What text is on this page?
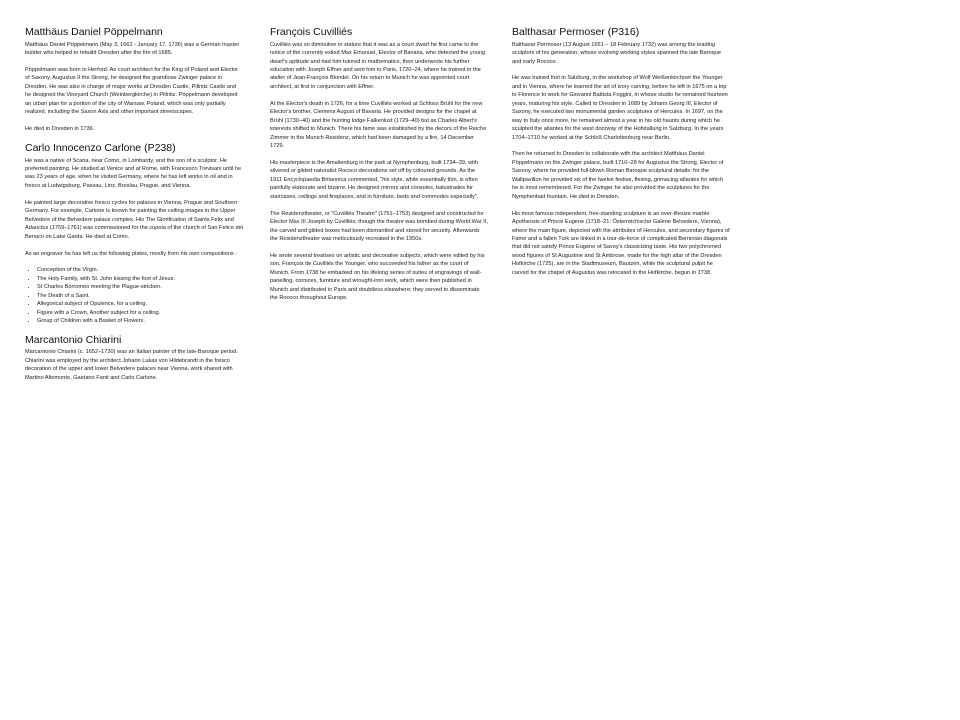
Matthäus Daniel Pöppelmann

Matthäus Daniel Pöppelmann (May 3, 1662 - January 17, 1736) was a German master builder who helped to rebuild Dresden after the fire of 1685.

Pöppelmann was born in Herford. As court architect for the King of Poland and Elector of Saxony, Augustus II the Strong, he designed the grandiose Zwinger palace in Dresden. He was also in charge of major works at Dresden Castle, Pillnitz Castle and he designed the Vineyard Church (Weinbergkirche) in Pillnitz. Pöppelmann developed an urban plan for a portion of the city of Warsaw, Poland, which was only partially realized, including the Saxon Axis and other important streetscapes.

He died in Dresden in 1736.

Carlo Innocenzo Carlone (P238)

He was a native of Scaria, near Como, in Lombardy, and the son of a sculptor. He preferred painting. He studied at Venice and at Rome, with Francesco Trevisani until he was 23 years of age, when he visited Germany, where he has left works in oil and in fresco at Ludwigsburg, Passau, Linz, Breslau, Prague, and Vienna.

He painted large decorative fresco cycles for palaces in Vienna, Prague and Southern Germany. For example, Carlone is known for painting the ceiling images in the Upper Belvedere of the Belvedere palace complex. His The Glorification of Saints Felix and Adauctus (1759–1761) was commissioned for the cupola of the church of San Felice del Benaco on Lake Garda. He died at Como.

As an engraver he has left us the following plates, mostly from his own compositions :

• Conception of the Virgin.
• The Holy Family, with St. John kissing the foot of Jesus.
• St Charles Borromeo meeting the Plague-stricken.
• The Death of a Saint.
• Allegorical subject of Opulence, for a ceiling.
• Figure with a Crown, Another subject for a ceiling.
• Group of Children with a Basket of Flowers.
Marcantonio Chiarini

Marcantonio Chiarini (c. 1652–1730) was an Italian painter of the late-Baroque period. Chiarini was employed by the architect Johann Lukas von Hildebrandt in the fresco decoration of the upper and lower Belvedere palaces near Vienna, work shared with Martino Altomonte, Gaetano Fanti and Carlo Carlone.

François Cuvilliés

Cuvilliés was so diminutive in stature that it was as a court dwarf he first came to the notice of the currently exiled Max Emanuel, Elector of Bavaria, who detected the young dwarf's aptitude and had him tutored in mathematics, then underwrote his further education with Joseph Effner and sent him to Paris, 1720–24, where he trained in the atelier of Jean-François Blondel. On his return to Munich he was appointed court architect, at first in conjunction with Effner.

At the Elector's death in 1726, for a time Cuvilliés worked at Schloss Brühl for the new Elector's brother, Clemens August of Bavaria. He provided designs for the chapel at Brühl (1730–40) and the hunting lodge Falkenlust (1729–40) but as Charles Albert's interests shifted to Munich. There his fame was established by the decors of the Reiche Zimmer in the Munich Residenz, which had been damaged by a fire, 14 December 1729.

His masterpiece is the Amalienburg in the park at Nymphenburg, built 1734–39, with silvered or gilded naturalist Rococo decorations set off by coloured grounds. As the 1911 Encyclopaedia Britannica commented, "his style, while essentially thin, is often painfully elaborate and bizarre. He designed mirrors and consoles, balustrades for staircases, ceilings and fireplaces, and in furniture, beds and commodes especially".

The Residenztheater, or "Cuvilliés Theatre" (1751–1753) designed and constructed for Elector Max III Joseph by Cuvilliés; though the theatre was bombed during World War II, the carved and gilded boxes had been dismantled and stored for security. Afterwards the Residenztheater was meticulously recreated in the 1950s.

He wrote several treatises on artistic and decorative subjects, which were edited by his son, François de Cuvilliés the Younger, who succeeded his father as the court of Munich. From 1738 he embarked on his lifelong series of suites of engravings of wall-panelling, cornices, furniture and wrought-iron work, which were then published in Munich and distributed in Paris and doubtless elsewhere; they served to disseminate the Rococo throughout Europe.

Balthasar Permoser (P316)

Balthasar Permoser (13 August 1651 – 18 February 1732) was among the leading sculptors of his generation, whose evolving working styles spanned the late Baroque and early Rococo.

He was trained first in Salzburg, in the workshop of Wolf Weißenkirchner the Younger and in Vienna, where he learned the art of ivory carving, before he left in 1675 on a trip to Florence to work for Giovanni Battista Foggini, in whose studio he remained fourteen years, maturing his style. Called to Dresden in 1689 by Johann Georg III, Elector of Saxony, he executed two monumental garden sculptures of Hercules. In 1697, on the way to Italy once more, he remained almost a year in his old haunts during which he sculpted the atlantes for the west doorway of the Hofstallung in Salzburg. In the years 1704–1710 he worked at the Schloß Charlottenburg near Berlin.

Then he returned to Dresden to collaborate with the architect Matthäus Daniel Pöppelmann on the Zwinger palace, built 1710–28 for Augustus the Strong, Elector of Saxony, where he provided full-blown Roman Baroque sculptural details: for the Wallpavillon he provided six of the twelve festive, flexing, grimacing atlantes for which he is most remembered. For the Zwinger he also provided the sculptures for the Nymphenbad fountain. He died in Dresden.

His most famous independent, free-standing sculpture is an over-lifesize marble Apotheosis of Prince Eugene (1718–21: Österreichische Galerie Belvedere, Vienna), where the main figure, depicted with the attributes of Hercules, and secondary figures of Fame and a fallen Turk are linked in a tour-de-force of complicated Berninian diagonals that did not satisfy Prince Eugene of Savoy's classicizing taste. His two polychromed wood figures of St Augustine and St Ambrose, made for the high altar of the Dresden Hofkirche (1725), are in the Stadtmuseum, Bautzen, while the sculptural pulpit he carved for the chapel of Augustus was relocated in the Hofkirche, begun in 1738.
